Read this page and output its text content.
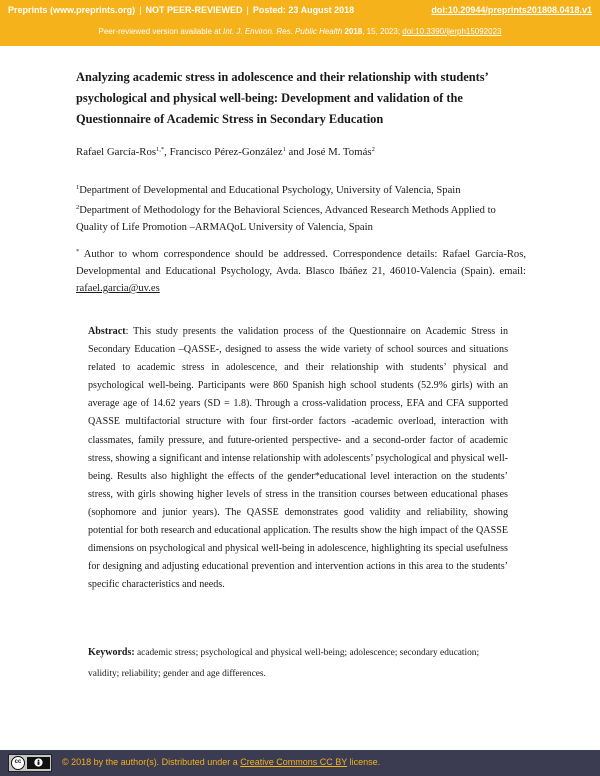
Preprints (www.preprints.org) | NOT PEER-REVIEWED | Posted: 23 August 2018	doi:10.20944/preprints201808.0418.v1
Peer-reviewed version available at Int. J. Environ. Res. Public Health 2018, 15, 2023; doi:10.3390/ijerph15092023
Analyzing academic stress in adolescence and their relationship with students’ psychological and physical well-being: Development and validation of the Questionnaire of Academic Stress in Secondary Education
Rafael García-Ros$^{1,*}$, Francisco Pérez-González$^1$ and José M. Tomás$^2$
$^1$Department of Developmental and Educational Psychology, University of Valencia, Spain
$^2$Department of Methodology for the Behavioral Sciences, Advanced Research Methods Applied to Quality of Life Promotion –ARMAQoL University of Valencia, Spain
* Author to whom correspondence should be addressed. Correspondence details: Rafael García-Ros, Developmental and Educational Psychology, Avda. Blasco Ibáñez 21, 46010-Valencia (Spain). email: rafael.garcia@uv.es
Abstract: This study presents the validation process of the Questionnaire on Academic Stress in Secondary Education –QASSE-, designed to assess the wide variety of school sources and situations related to academic stress in adolescence, and their relationship with students’ physical and psychological well-being. Participants were 860 Spanish high school students (52.9% girls) with an average age of 14.62 years (SD = 1.8). Through a cross-validation process, EFA and CFA supported QASSE multifactorial structure with four first-order factors -academic overload, interaction with classmates, family pressure, and future-oriented perspective- and a second-order factor of academic stress, showing a significant and intense relationship with adolescents’ psychological and physical well-being. Results also highlight the effects of the gender*educational level interaction on the students’ stress, with girls showing higher levels of stress in the transition courses between educational phases (sophomore and junior years). The QASSE demonstrates good validity and reliability, showing potential for both research and educational application. The results show the high impact of the QASSE dimensions on psychological and physical well-being in adolescence, highlighting its special usefulness for designing and adjusting educational prevention and intervention actions in this area to the students’ specific characteristics and needs.
Keywords: academic stress; psychological and physical well-being; adolescence; secondary education; validity; reliability; gender and age differences.
cc	© 2018 by the author(s). Distributed under a Creative Commons CC BY license.
